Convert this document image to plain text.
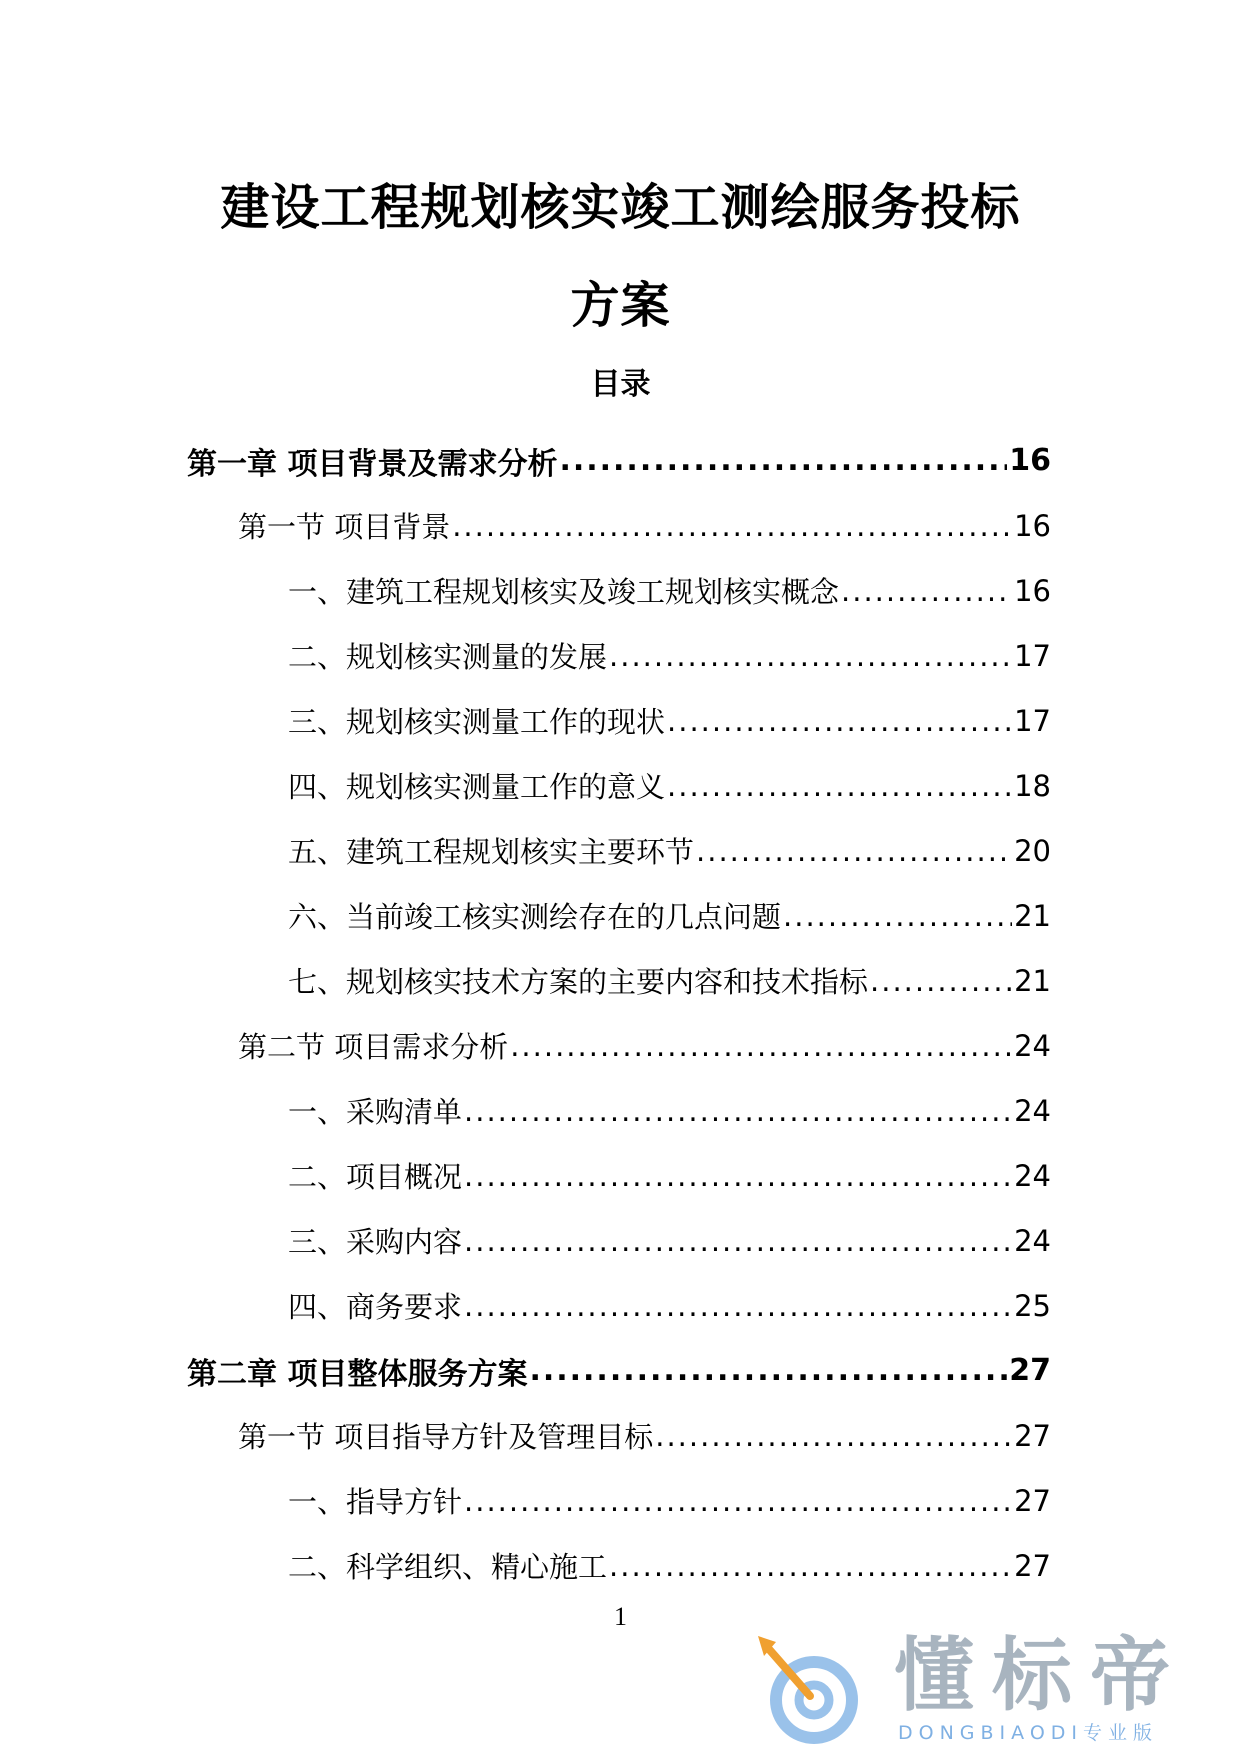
建设工程规划核实竣工测绘服务投标
方案
目录
第一章 项目背景及需求分析 .....	16
第一节 项目背景 .....	16
一、建筑工程规划核实及竣工规划核实概念 .....	16
二、规划核实测量的发展 .....	17
三、规划核实测量工作的现状 .....	17
四、规划核实测量工作的意义 .....	18
五、建筑工程规划核实主要环节 .....	20
六、当前竣工核实测绘存在的几点问题 .....	21
七、规划核实技术方案的主要内容和技术指标 .....	21
第二节 项目需求分析 .....	24
一、采购清单 .....	24
二、项目概况 .....	24
三、采购内容 .....	24
四、商务要求 .....	25
第二章 项目整体服务方案 .....	27
第一节 项目指导方针及管理目标 .....	27
一、指导方针 .....	27
二、科学组织、精心施工 .....	27

1

懂标帝
DONGBIAODI专业版
